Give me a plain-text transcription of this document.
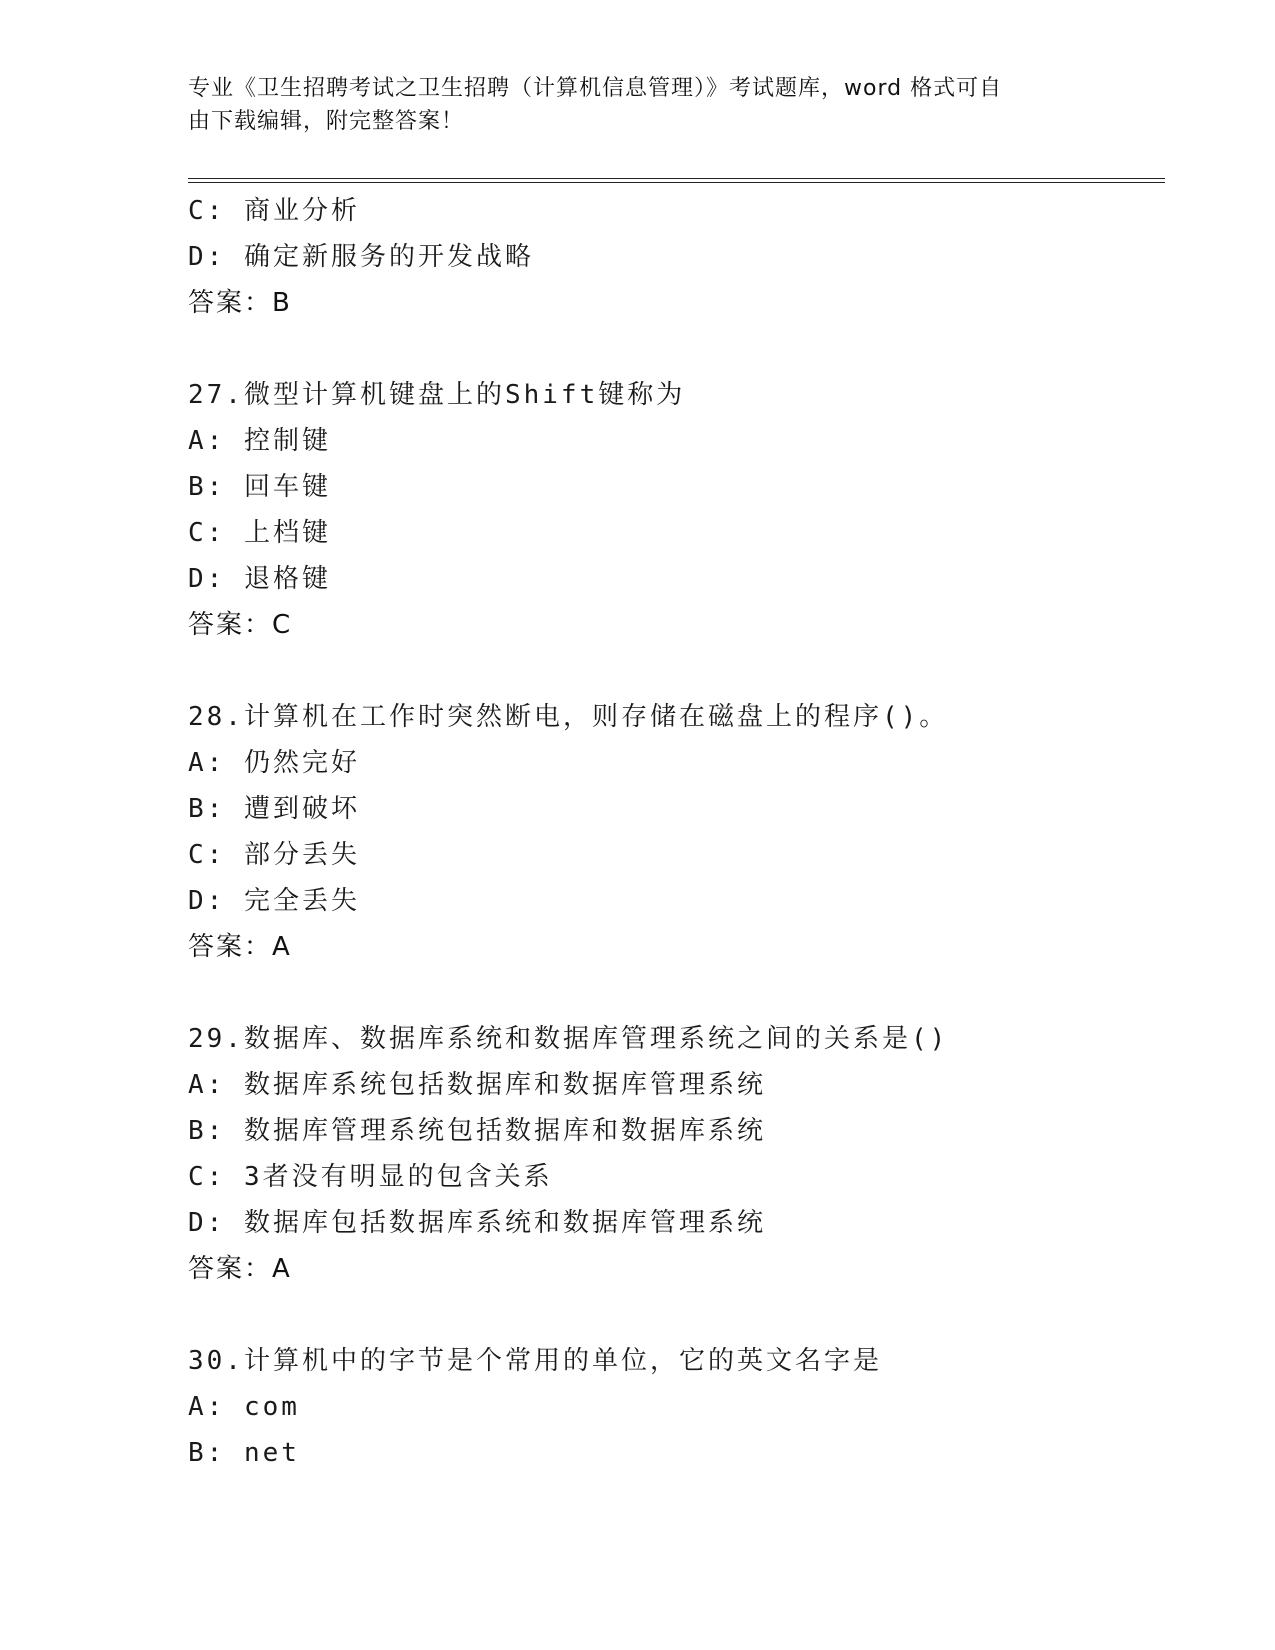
专业《卫生招聘考试之卫生招聘（计算机信息管理）》考试题库，word 格式可自
由下载编辑，附完整答案！
C: 商业分析
D: 确定新服务的开发战略
答案：B
27.微型计算机键盘上的Shift键称为
A: 控制键
B: 回车键
C: 上档键
D: 退格键
答案：C
28.计算机在工作时突然断电，则存储在磁盘上的程序()。
A: 仍然完好
B: 遭到破坏
C: 部分丢失
D: 完全丢失
答案：A
29.数据库、数据库系统和数据库管理系统之间的关系是()
A: 数据库系统包括数据库和数据库管理系统
B: 数据库管理系统包括数据库和数据库系统
C: 3者没有明显的包含关系
D: 数据库包括数据库系统和数据库管理系统
答案：A
30.计算机中的字节是个常用的单位，它的英文名字是
A: com
B: net
